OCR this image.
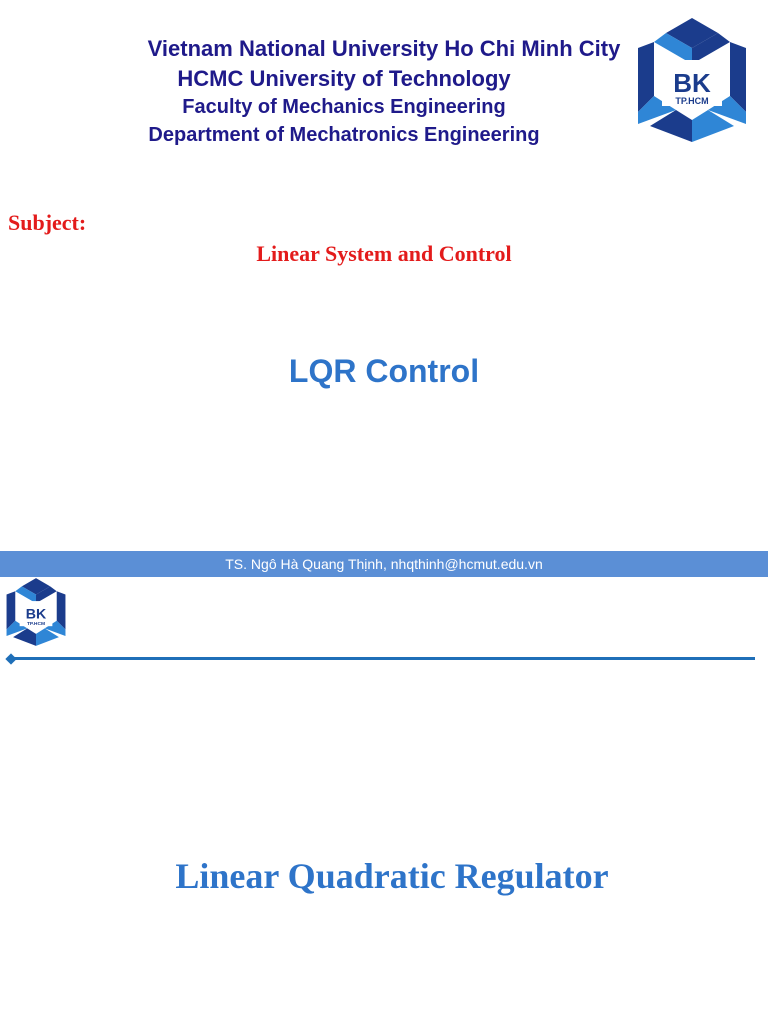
Vietnam National University Ho Chi Minh City
HCMC University of Technology
Faculty of Mechanics Engineering
Department of Mechatronics Engineering
BK
TP.HCM
Subject:
Linear System and Control
LQR Control
TS. Ngô Hà Quang Thịnh, nhqthinh@hcmut.edu.vn
BK
TP.HCM
Linear Quadratic Regulator
